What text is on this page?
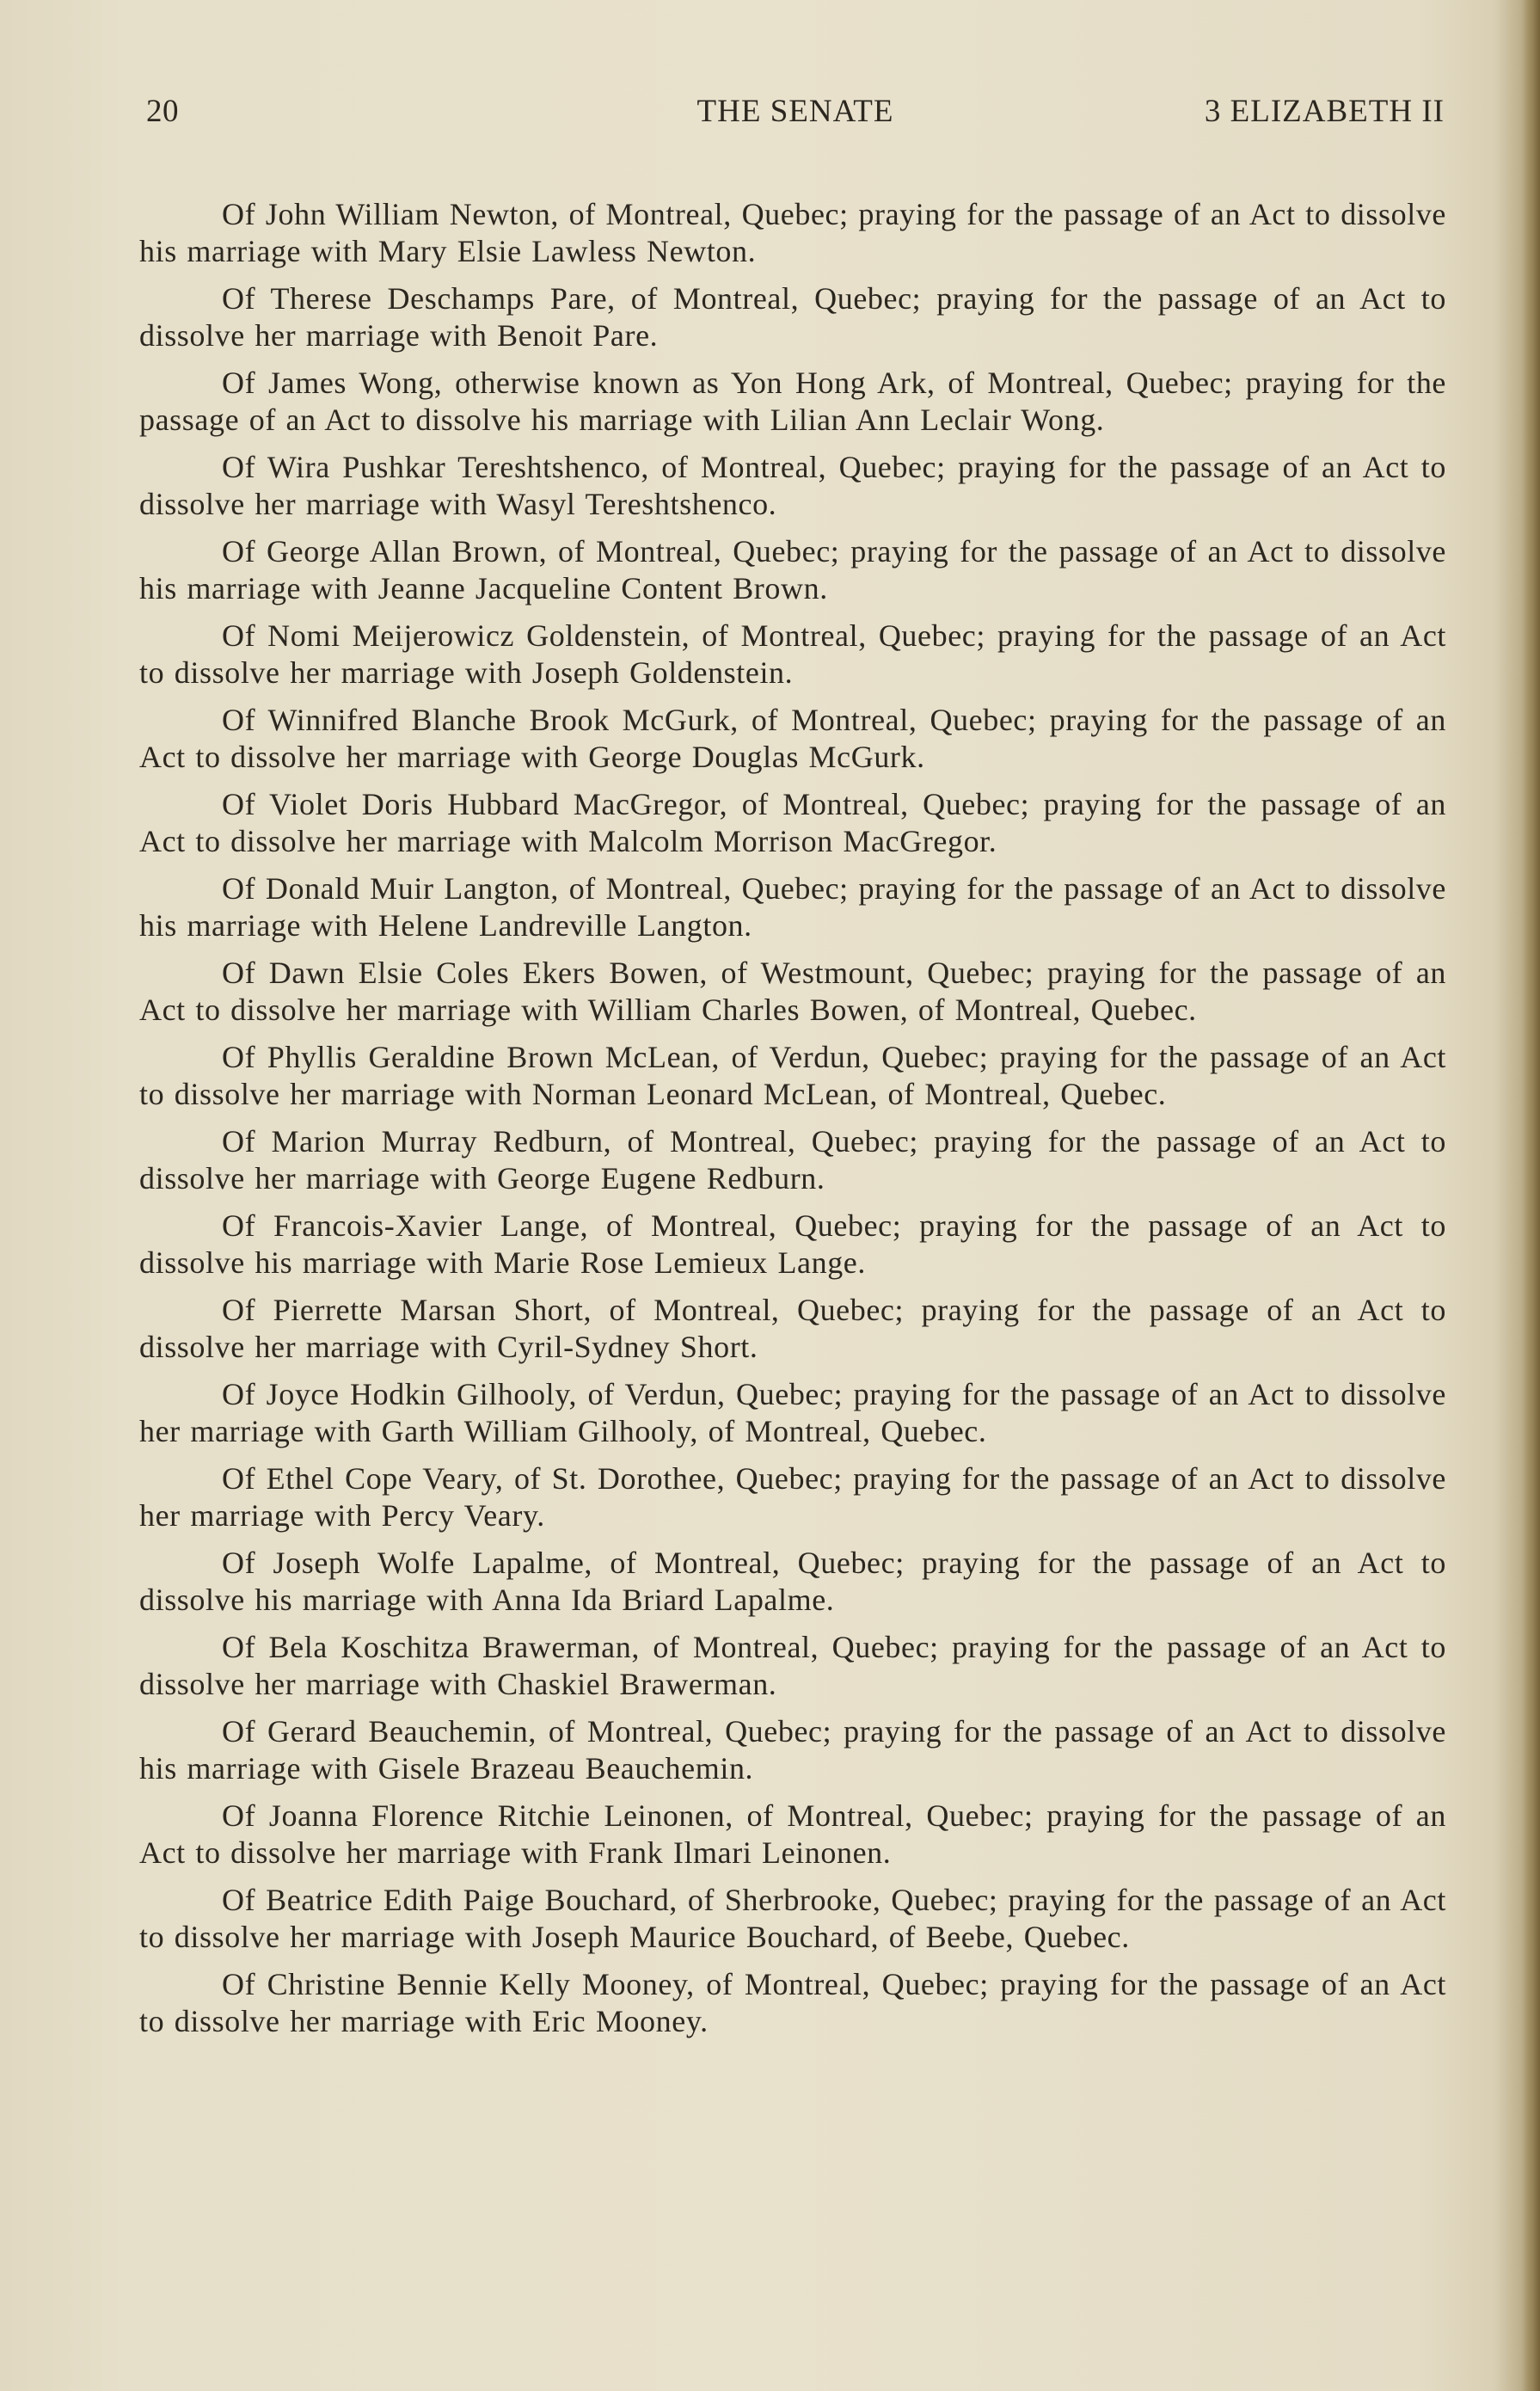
20	THE SENATE	3 ELIZABETH II

Of John William Newton, of Montreal, Quebec; praying for the passage of an Act to dissolve his marriage with Mary Elsie Lawless Newton.

Of Therese Deschamps Pare, of Montreal, Quebec; praying for the passage of an Act to dissolve her marriage with Benoit Pare.

Of James Wong, otherwise known as Yon Hong Ark, of Montreal, Quebec; praying for the passage of an Act to dissolve his marriage with Lilian Ann Leclair Wong.

Of Wira Pushkar Tereshtshenco, of Montreal, Quebec; praying for the passage of an Act to dissolve her marriage with Wasyl Tereshtshenco.

Of George Allan Brown, of Montreal, Quebec; praying for the passage of an Act to dissolve his marriage with Jeanne Jacqueline Content Brown.

Of Nomi Meijerowicz Goldenstein, of Montreal, Quebec; praying for the passage of an Act to dissolve her marriage with Joseph Goldenstein.

Of Winnifred Blanche Brook McGurk, of Montreal, Quebec; praying for the passage of an Act to dissolve her marriage with George Douglas McGurk.

Of Violet Doris Hubbard MacGregor, of Montreal, Quebec; praying for the passage of an Act to dissolve her marriage with Malcolm Morrison MacGregor.

Of Donald Muir Langton, of Montreal, Quebec; praying for the passage of an Act to dissolve his marriage with Helene Landreville Langton.

Of Dawn Elsie Coles Ekers Bowen, of Westmount, Quebec; praying for the passage of an Act to dissolve her marriage with William Charles Bowen, of Montreal, Quebec.

Of Phyllis Geraldine Brown McLean, of Verdun, Quebec; praying for the passage of an Act to dissolve her marriage with Norman Leonard McLean, of Montreal, Quebec.

Of Marion Murray Redburn, of Montreal, Quebec; praying for the passage of an Act to dissolve her marriage with George Eugene Redburn.

Of Francois-Xavier Lange, of Montreal, Quebec; praying for the passage of an Act to dissolve his marriage with Marie Rose Lemieux Lange.

Of Pierrette Marsan Short, of Montreal, Quebec; praying for the passage of an Act to dissolve her marriage with Cyril-Sydney Short.

Of Joyce Hodkin Gilhooly, of Verdun, Quebec; praying for the passage of an Act to dissolve her marriage with Garth William Gilhooly, of Montreal, Quebec.

Of Ethel Cope Veary, of St. Dorothee, Quebec; praying for the passage of an Act to dissolve her marriage with Percy Veary.

Of Joseph Wolfe Lapalme, of Montreal, Quebec; praying for the passage of an Act to dissolve his marriage with Anna Ida Briard Lapalme.

Of Bela Koschitza Brawerman, of Montreal, Quebec; praying for the passage of an Act to dissolve her marriage with Chaskiel Brawerman.

Of Gerard Beauchemin, of Montreal, Quebec; praying for the passage of an Act to dissolve his marriage with Gisele Brazeau Beauchemin.

Of Joanna Florence Ritchie Leinonen, of Montreal, Quebec; praying for the passage of an Act to dissolve her marriage with Frank Ilmari Leinonen.

Of Beatrice Edith Paige Bouchard, of Sherbrooke, Quebec; praying for the passage of an Act to dissolve her marriage with Joseph Maurice Bouchard, of Beebe, Quebec.

Of Christine Bennie Kelly Mooney, of Montreal, Quebec; praying for the passage of an Act to dissolve her marriage with Eric Mooney.
